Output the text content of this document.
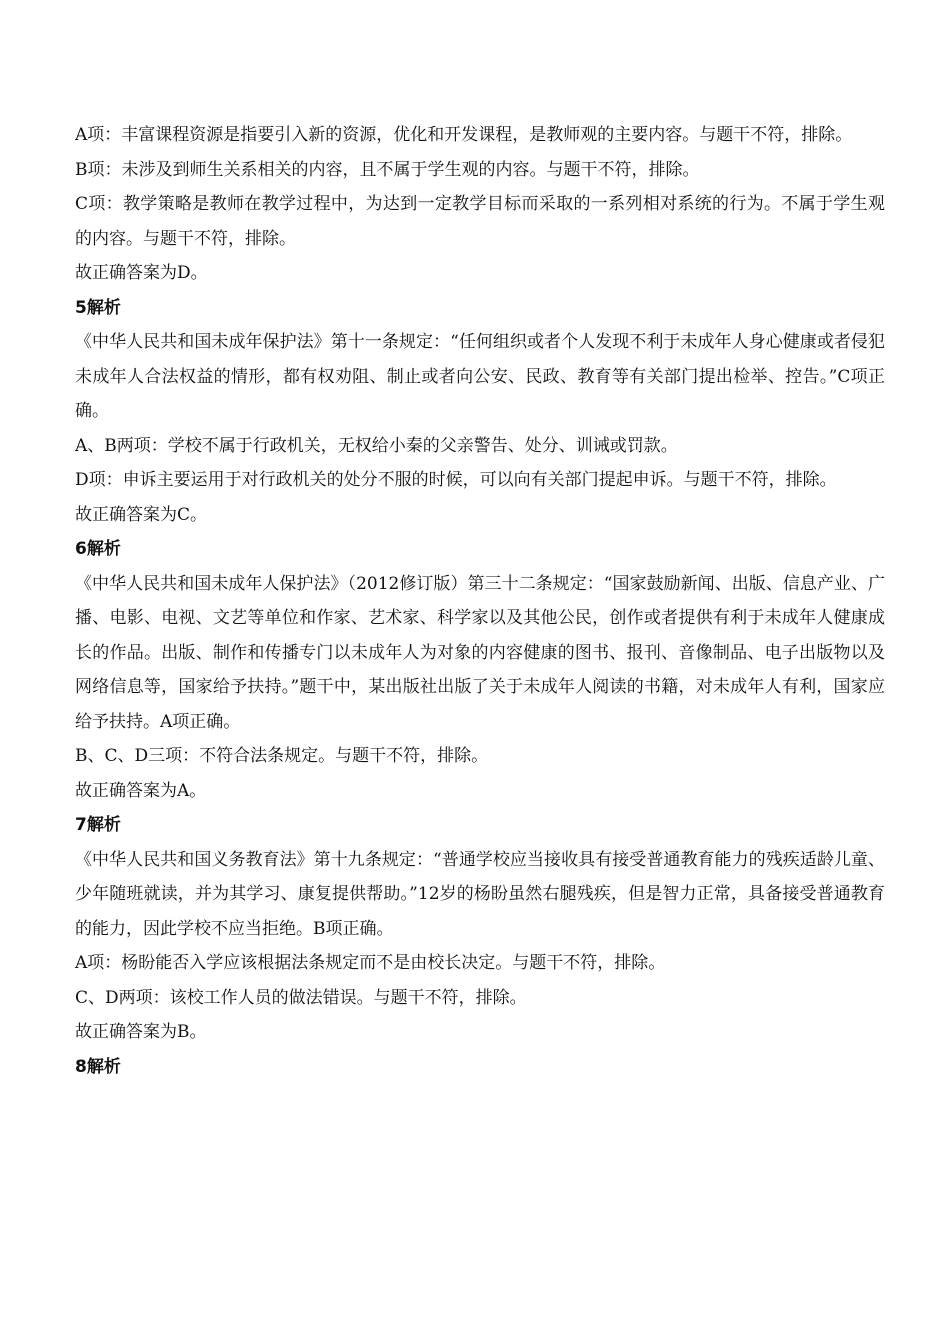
A项：丰富课程资源是指要引入新的资源，优化和开发课程，是教师观的主要内容。与题干不符，排除。

B项：未涉及到师生关系相关的内容，且不属于学生观的内容。与题干不符，排除。

C项：教学策略是教师在教学过程中，为达到一定教学目标而采取的一系列相对系统的行为。不属于学生观的内容。与题干不符，排除。

故正确答案为D。

5解析

《中华人民共和国未成年保护法》第十一条规定：“任何组织或者个人发现不利于未成年人身心健康或者侵犯未成年人合法权益的情形，都有权劝阻、制止或者向公安、民政、教育等有关部门提出检举、控告。”C项正确。

A、B两项：学校不属于行政机关，无权给小秦的父亲警告、处分、训诫或罚款。

D项：申诉主要运用于对行政机关的处分不服的时候，可以向有关部门提起申诉。与题干不符，排除。

故正确答案为C。

6解析

《中华人民共和国未成年人保护法》（2012修订版）第三十二条规定：“国家鼓励新闻、出版、信息产业、广播、电影、电视、文艺等单位和作家、艺术家、科学家以及其他公民，创作或者提供有利于未成年人健康成长的作品。出版、制作和传播专门以未成年人为对象的内容健康的图书、报刊、音像制品、电子出版物以及网络信息等，国家给予扶持。”题干中，某出版社出版了关于未成年人阅读的书籍，对未成年人有利，国家应给予扶持。A项正确。

B、C、D三项：不符合法条规定。与题干不符，排除。

故正确答案为A。

7解析

《中华人民共和国义务教育法》第十九条规定：“普通学校应当接收具有接受普通教育能力的残疾适龄儿童、少年随班就读，并为其学习、康复提供帮助。”12岁的杨盼虽然右腿残疾，但是智力正常，具备接受普通教育的能力，因此学校不应当拒绝。B项正确。

A项：杨盼能否入学应该根据法条规定而不是由校长决定。与题干不符，排除。

C、D两项：该校工作人员的做法错误。与题干不符，排除。

故正确答案为B。

8解析
